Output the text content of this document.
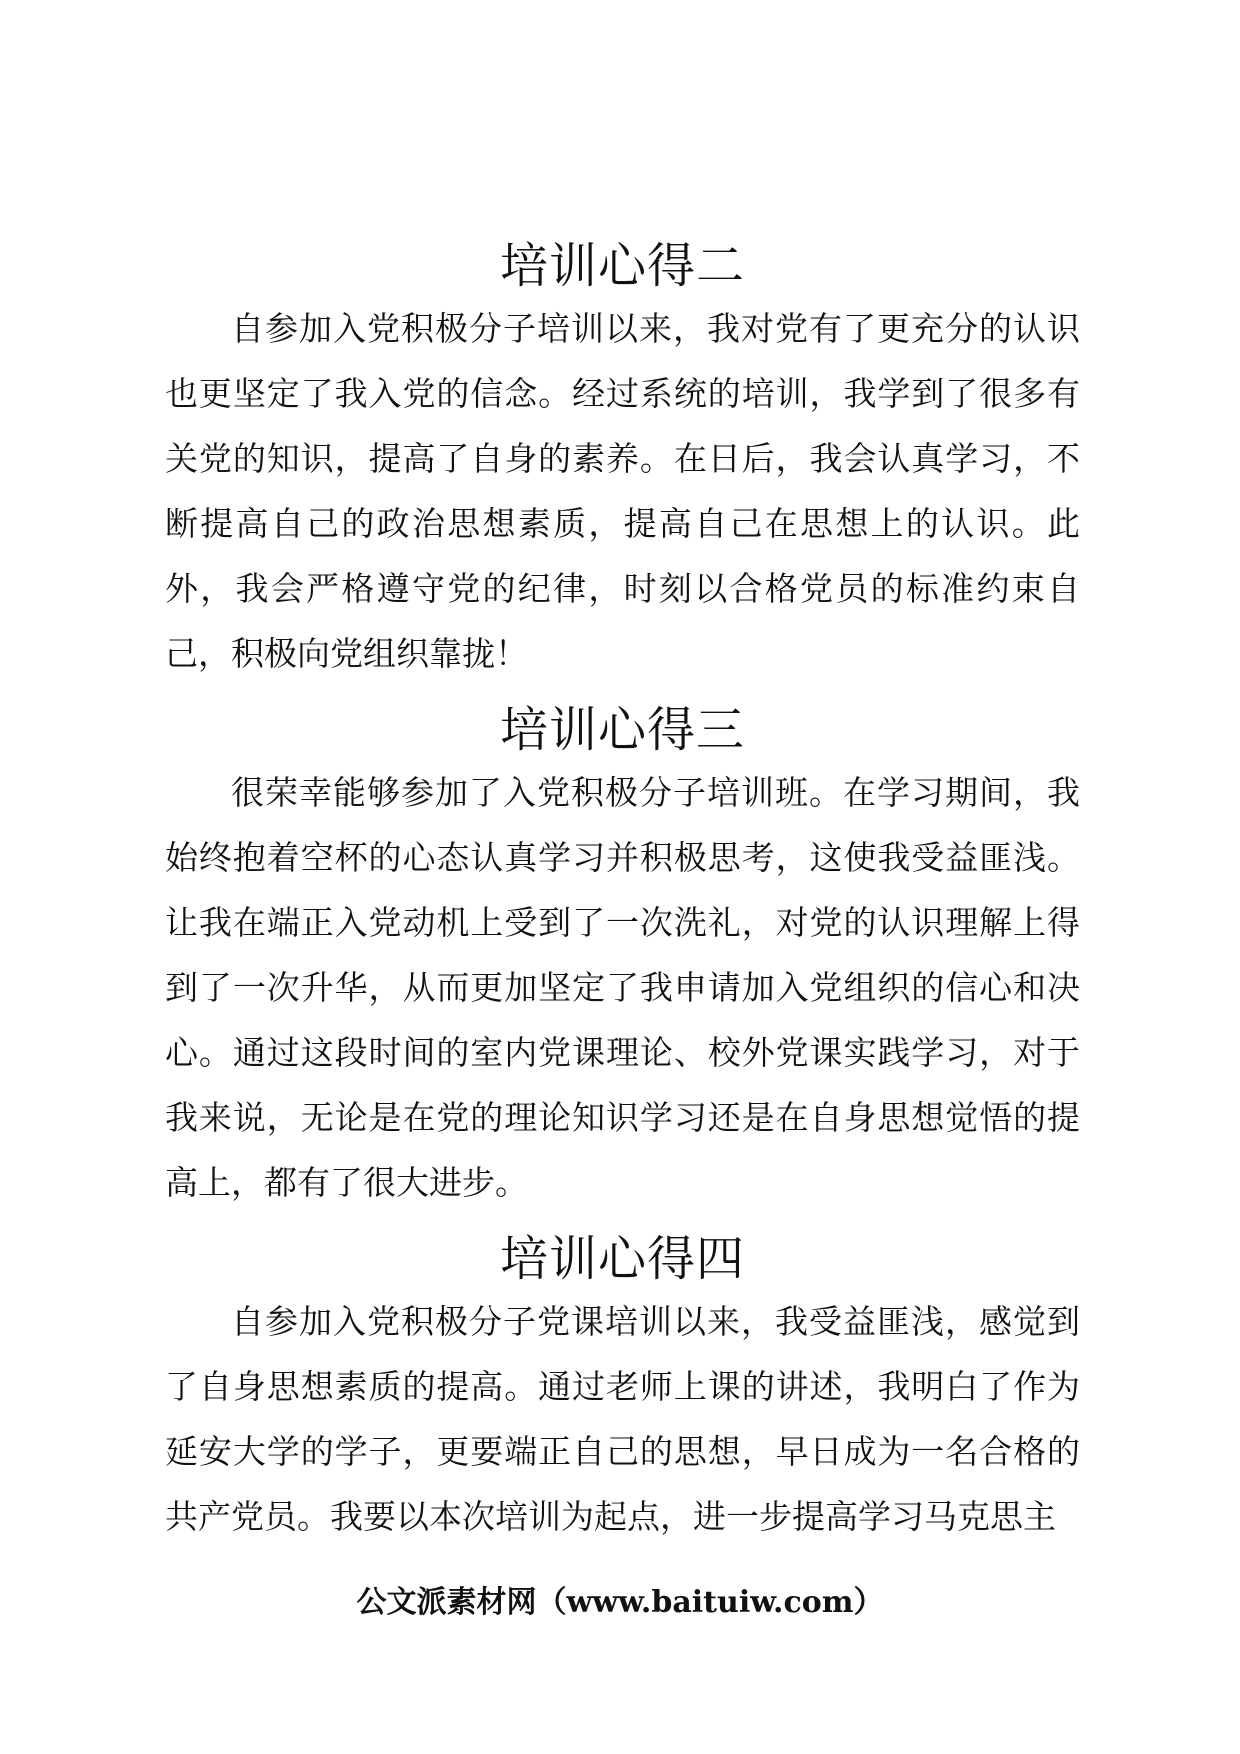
培训心得二

自参加入党积极分子培训以来，我对党有了更充分的认识也更坚定了我入党的信念。经过系统的培训，我学到了很多有关党的知识，提高了自身的素养。在日后，我会认真学习，不断提高自己的政治思想素质，提高自己在思想上的认识。此外，我会严格遵守党的纪律，时刻以合格党员的标准约束自己，积极向党组织靠拢！

培训心得三

很荣幸能够参加了入党积极分子培训班。在学习期间，我始终抱着空杯的心态认真学习并积极思考，这使我受益匪浅。让我在端正入党动机上受到了一次洗礼，对党的认识理解上得到了一次升华，从而更加坚定了我申请加入党组织的信心和决心。通过这段时间的室内党课理论、校外党课实践学习，对于我来说，无论是在党的理论知识学习还是在自身思想觉悟的提高上，都有了很大进步。

培训心得四

自参加入党积极分子党课培训以来，我受益匪浅，感觉到了自身思想素质的提高。通过老师上课的讲述，我明白了作为延安大学的学子，更要端正自己的思想，早日成为一名合格的共产党员。我要以本次培训为起点，进一步提高学习马克思主

公文派素材网（www.baituiw.com）
